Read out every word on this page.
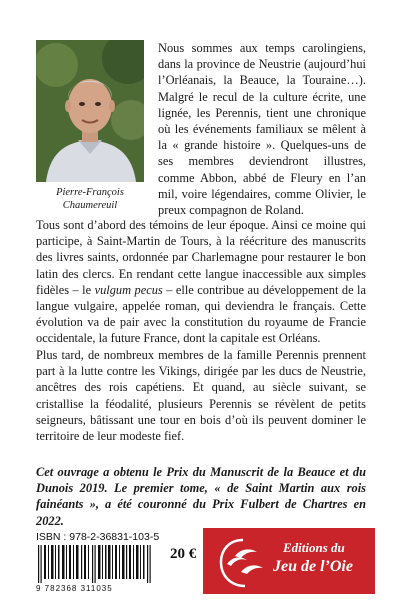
Pierre-François
Chaumereuil

Nous sommes aux temps carolingiens, dans la province de Neustrie (aujourd’hui l’Orléanais, la Beauce, la Touraine…). Malgré le recul de la culture écrite, une lignée, les Perennis, tient une chronique où les événements familiaux se mêlent à la « grande histoire ». Quelques-uns de ses membres deviendront illustres, comme Abbon, abbé de Fleury en l’an mil, voire légendaires, comme Olivier, le preux compagnon de Roland.

Tous sont d’abord des témoins de leur époque. Ainsi ce moine qui participe, à Saint-Martin de Tours, à la réécriture des manuscrits des livres saints, ordonnée par Charlemagne pour restaurer le bon latin des clercs. En rendant cette langue inaccessible aux simples fidèles – le vulgum pecus – elle contribue au développement de la langue vulgaire, appelée roman, qui deviendra le français. Cette évolution va de pair avec la constitution du royaume de Francie occidentale, la future France, dont la capitale est Orléans.

Plus tard, de nombreux membres de la famille Perennis prennent part à la lutte contre les Vikings, dirigée par les ducs de Neustrie, ancêtres des rois capétiens. Et quand, au siècle suivant, se cristallise la féodalité, plusieurs Perennis se révèlent de petits seigneurs, bâtissant une tour en bois d’où ils peuvent dominer le territoire de leur modeste fief.

Cet ouvrage a obtenu le Prix du Manuscrit de la Beauce et du Dunois 2019. Le premier tome, « de Saint Martin aux rois fainéants », a été couronné du Prix Fulbert de Chartres en 2022.

ISBN : 978-2-36831-103-5
9 782368 311035
20 €	Editions du
Jeu de l’Oie
